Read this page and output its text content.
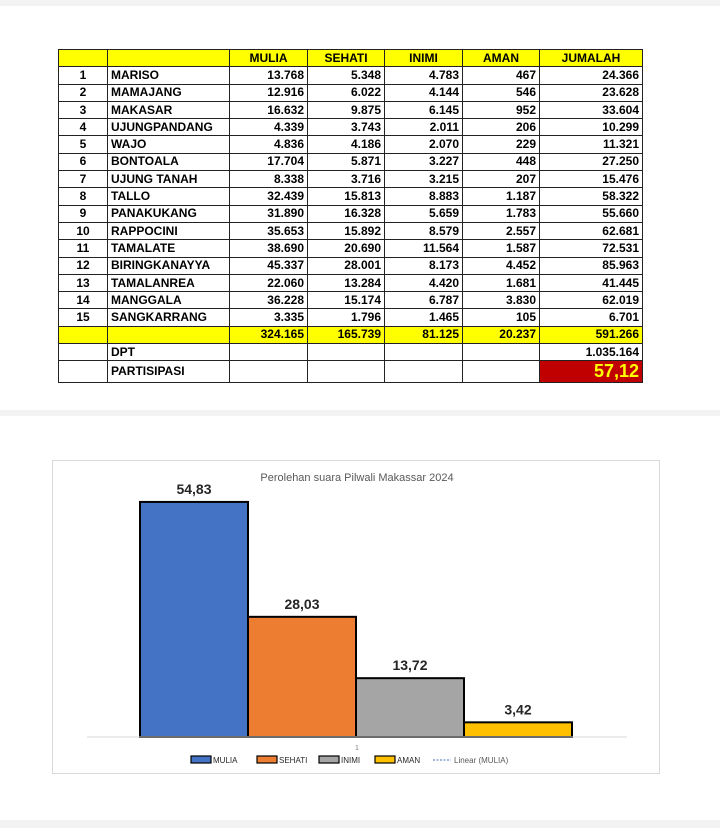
		MULIA	SEHATI	INIMI	AMAN	JUMALAH
1	MARISO	13.768	5.348	4.783	467	24.366
2	MAMAJANG	12.916	6.022	4.144	546	23.628
3	MAKASAR	16.632	9.875	6.145	952	33.604
4	UJUNGPANDANG	4.339	3.743	2.011	206	10.299
5	WAJO	4.836	4.186	2.070	229	11.321
6	BONTOALA	17.704	5.871	3.227	448	27.250
7	UJUNG TANAH	8.338	3.716	3.215	207	15.476
8	TALLO	32.439	15.813	8.883	1.187	58.322
9	PANAKUKANG	31.890	16.328	5.659	1.783	55.660
10	RAPPOCINI	35.653	15.892	8.579	2.557	62.681
11	TAMALATE	38.690	20.690	11.564	1.587	72.531
12	BIRINGKANAYYA	45.337	28.001	8.173	4.452	85.963
13	TAMALANREA	22.060	13.284	4.420	1.681	41.445
14	MANGGALA	36.228	15.174	6.787	3.830	62.019
15	SANGKARRANG	3.335	1.796	1.465	105	6.701
		324.165	165.739	81.125	20.237	591.266
	DPT					1.035.164
	PARTISIPASI					57,12
Perolehan suara Pilwali Makassar 2024
54,83
28,03
13,72
3,42
1
MULIA	SEHATI	INIMI	AMAN	Linear (MULIA)
